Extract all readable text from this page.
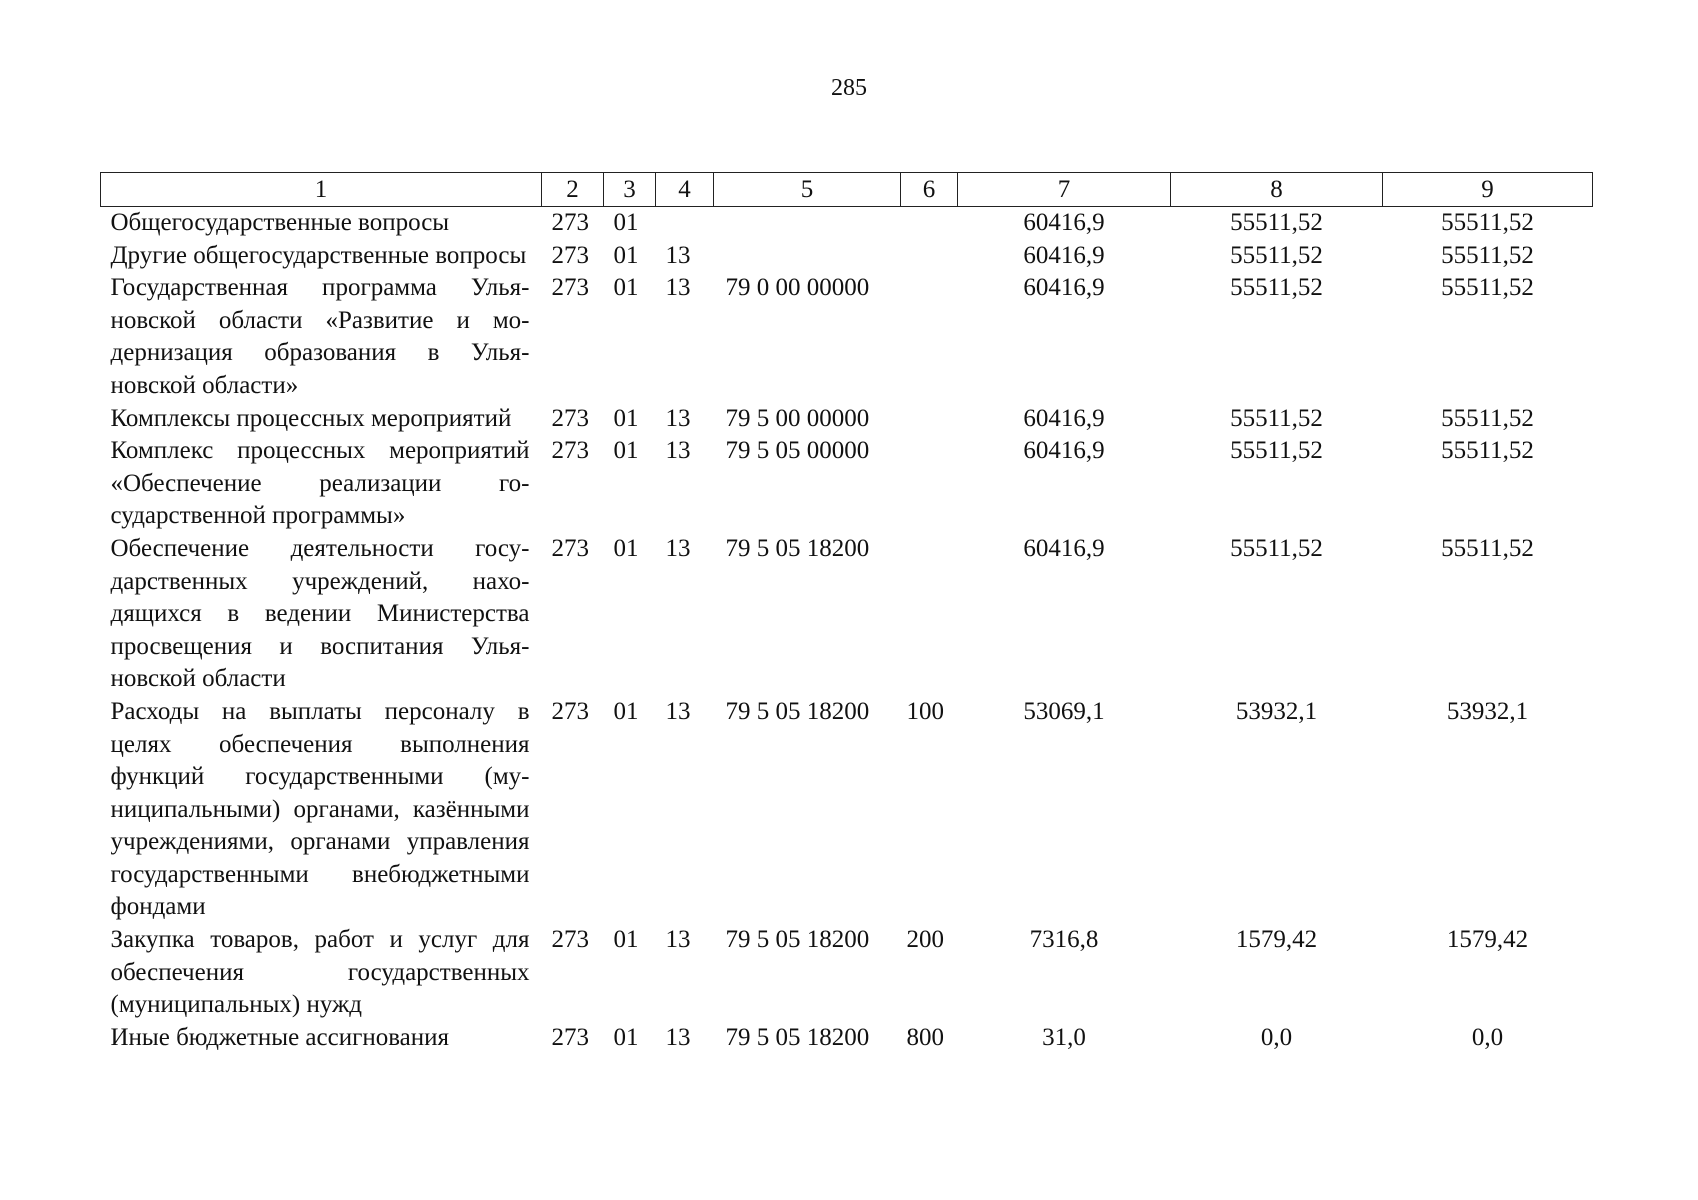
285
1	2	3	4	5	6	7	8	9
Общегосударственные вопросы	273	01				60416,9	55511,52	55511,52
Другие общегосударственные вопросы	273	01	13			60416,9	55511,52	55511,52
Государственная программа Ульяновской области «Развитие и модернизация образования в Ульяновской области»	273	01	13	79 0 00 00000		60416,9	55511,52	55511,52
Комплексы процессных мероприятий	273	01	13	79 5 00 00000		60416,9	55511,52	55511,52
Комплекс процессных мероприятий «Обеспечение реализации государственной программы»	273	01	13	79 5 05 00000		60416,9	55511,52	55511,52
Обеспечение деятельности государственных учреждений, находящихся в ведении Министерства просвещения и воспитания Ульяновской области	273	01	13	79 5 05 18200		60416,9	55511,52	55511,52
Расходы на выплаты персоналу в целях обеспечения выполнения функций государственными (муниципальными) органами, казёнными учреждениями, органами управления государственными внебюджетными фондами	273	01	13	79 5 05 18200	100	53069,1	53932,1	53932,1
Закупка товаров, работ и услуг для обеспечения государственных (муниципальных) нужд	273	01	13	79 5 05 18200	200	7316,8	1579,42	1579,42
Иные бюджетные ассигнования	273	01	13	79 5 05 18200	800	31,0	0,0	0,0
